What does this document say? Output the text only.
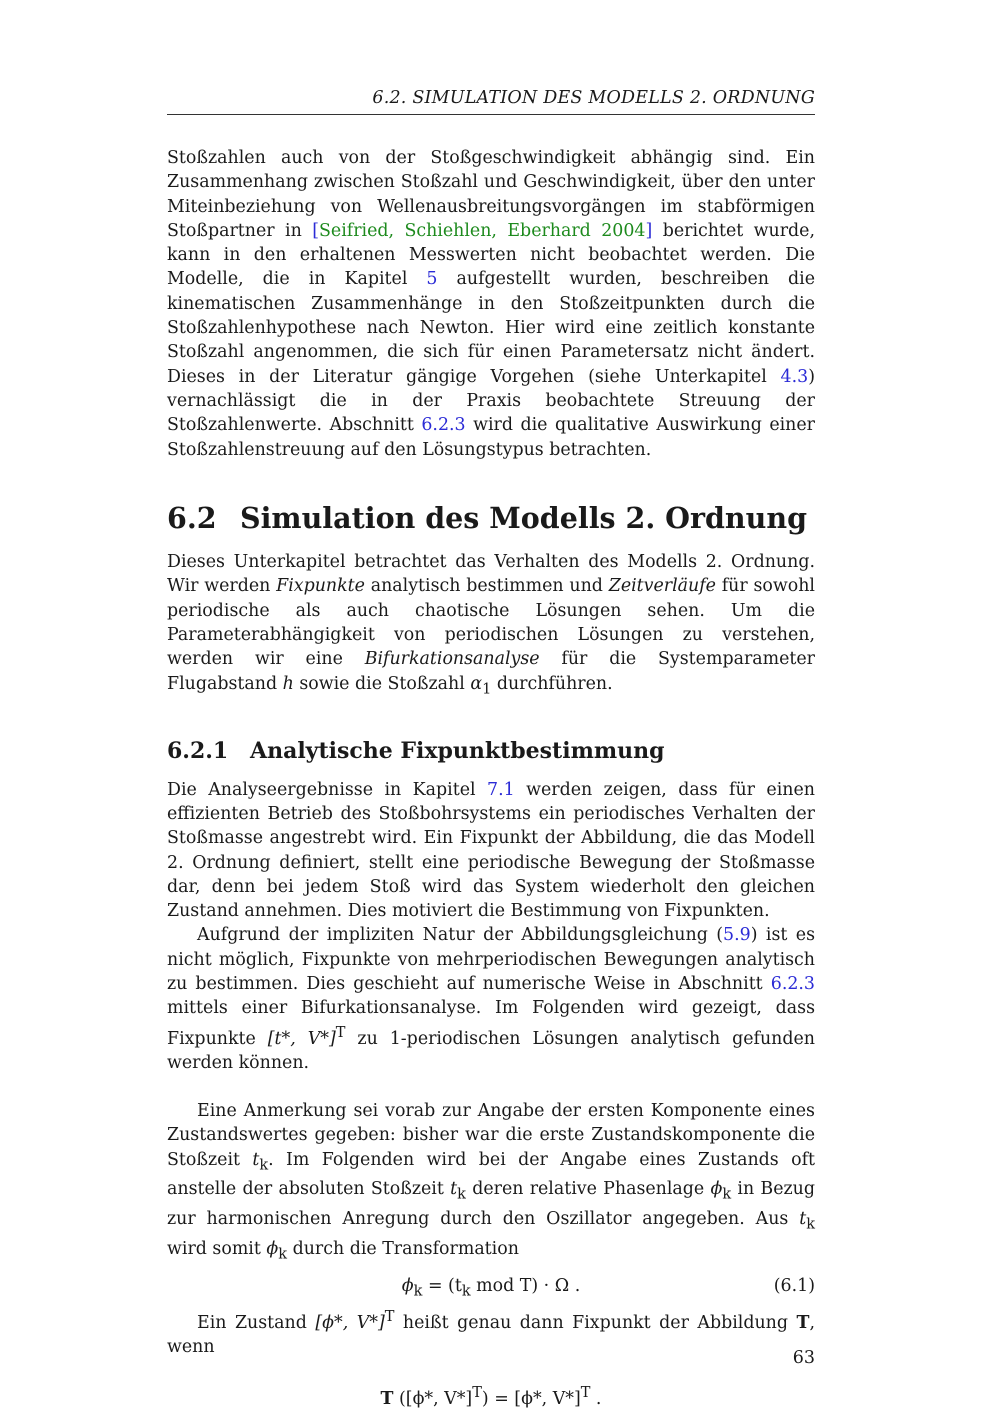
6.2. SIMULATION DES MODELLS 2. ORDNUNG

Stoßzahlen auch von der Stoßgeschwindigkeit abhängig sind. Ein Zusammenhang zwischen Stoßzahl und Geschwindigkeit, über den unter Miteinbeziehung von Wellenausbreitungsvorgängen im stabförmigen Stoßpartner in [Seifried, Schiehlen, Eberhard 2004] berichtet wurde, kann in den erhaltenen Messwerten nicht beobachtet werden. Die Modelle, die in Kapitel 5 aufgestellt wurden, beschreiben die kinematischen Zusammenhänge in den Stoßzeitpunkten durch die Stoßzahlenhypothese nach Newton. Hier wird eine zeitlich konstante Stoßzahl angenommen, die sich für einen Parametersatz nicht ändert. Dieses in der Literatur gängige Vorgehen (siehe Unterkapitel 4.3) vernachlässigt die in der Praxis beobachtete Streuung der Stoßzahlenwerte. Abschnitt 6.2.3 wird die qualitative Auswirkung einer Stoßzahlenstreuung auf den Lösungstypus betrachten.

6.2 Simulation des Modells 2. Ordnung

Dieses Unterkapitel betrachtet das Verhalten des Modells 2. Ordnung. Wir werden Fixpunkte analytisch bestimmen und Zeitverläufe für sowohl periodische als auch chaotische Lösungen sehen. Um die Parameterabhängigkeit von periodischen Lösungen zu verstehen, werden wir eine Bifurkationsanalyse für die Systemparameter Flugabstand h sowie die Stoßzahl $\alpha_1$ durchführen.

6.2.1 Analytische Fixpunktbestimmung

Die Analyseergebnisse in Kapitel 7.1 werden zeigen, dass für einen effizienten Betrieb des Stoßbohrsystems ein periodisches Verhalten der Stoßmasse angestrebt wird. Ein Fixpunkt der Abbildung, die das Modell 2. Ordnung definiert, stellt eine periodische Bewegung der Stoßmasse dar, denn bei jedem Stoß wird das System wiederholt den gleichen Zustand annehmen. Dies motiviert die Bestimmung von Fixpunkten.

Aufgrund der impliziten Natur der Abbildungsgleichung (5.9) ist es nicht möglich, Fixpunkte von mehrperiodischen Bewegungen analytisch zu bestimmen. Dies geschieht auf numerische Weise in Abschnitt 6.2.3 mittels einer Bifurkationsanalyse. Im Folgenden wird gezeigt, dass Fixpunkte [t*, V*]$^T$ zu 1-periodischen Lösungen analytisch gefunden werden können.

Eine Anmerkung sei vorab zur Angabe der ersten Komponente eines Zustandswertes gegeben: bisher war die erste Zustandskomponente die Stoßzeit $t_k$. Im Folgenden wird bei der Angabe eines Zustands oft anstelle der absoluten Stoßzeit $t_k$ deren relative Phasenlage $\phi_k$ in Bezug zur harmonischen Anregung durch den Oszillator angegeben. Aus $t_k$ wird somit $\phi_k$ durch die Transformation

$\phi_k = (t_k$ mod T) · Ω .	(6.1)

Ein Zustand [ϕ*, V*]$^T$ heißt genau dann Fixpunkt der Abbildung T, wenn

T ([ϕ*, V*]$^T$) = [ϕ*, V*]$^T$ .
63
